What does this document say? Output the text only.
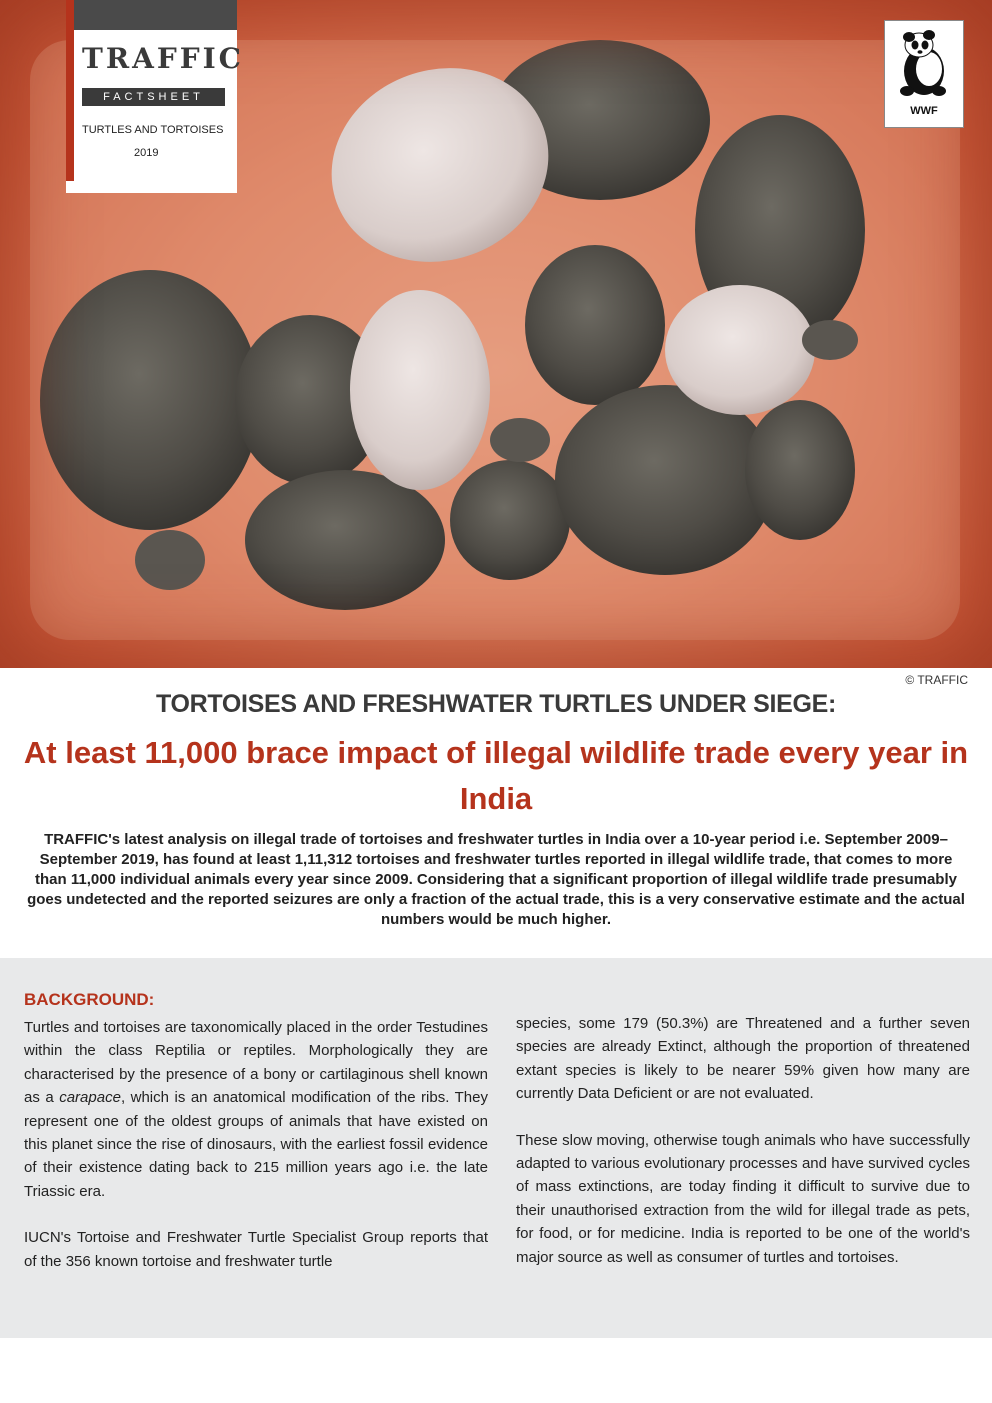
© TRAFFIC
TRAFFIC
FACTSHEET
TURTLES AND TORTOISES
2019
WWF
TORTOISES AND FRESHWATER TURTLES UNDER SIEGE:
At least 11,000 brace impact of illegal wildlife trade every year in India
TRAFFIC's latest analysis on illegal trade of tortoises and freshwater turtles in India over a 10-year period i.e. September 2009–September 2019, has found at least 1,11,312 tortoises and freshwater turtles reported in illegal wildlife trade, that comes to more than 11,000 individual animals every year since 2009. Considering that a significant proportion of illegal wildlife trade presumably goes undetected and the reported seizures are only a fraction of the actual trade, this is a very conservative estimate and the actual numbers would be much higher.
BACKGROUND:

Turtles and tortoises are taxonomically placed in the order Testudines within the class Reptilia or reptiles. Morphologically they are characterised by the presence of a bony or cartilaginous shell known as a carapace, which is an anatomical modification of the ribs. They represent one of the oldest groups of animals that have existed on this planet since the rise of dinosaurs, with the earliest fossil evidence of their existence dating back to 215 million years ago i.e. the late Triassic era.

IUCN's Tortoise and Freshwater Turtle Specialist Group reports that of the 356 known tortoise and freshwater turtle

species, some 179 (50.3%) are Threatened and a further seven species are already Extinct, although the proportion of threatened extant species is likely to be nearer 59% given how many are currently Data Deficient or are not evaluated.

These slow moving, otherwise tough animals who have successfully adapted to various evolutionary processes and have survived cycles of mass extinctions, are today finding it difficult to survive due to their unauthorised extraction from the wild for illegal trade as pets, for food, or for medicine. India is reported to be one of the world's major source as well as consumer of turtles and tortoises.
